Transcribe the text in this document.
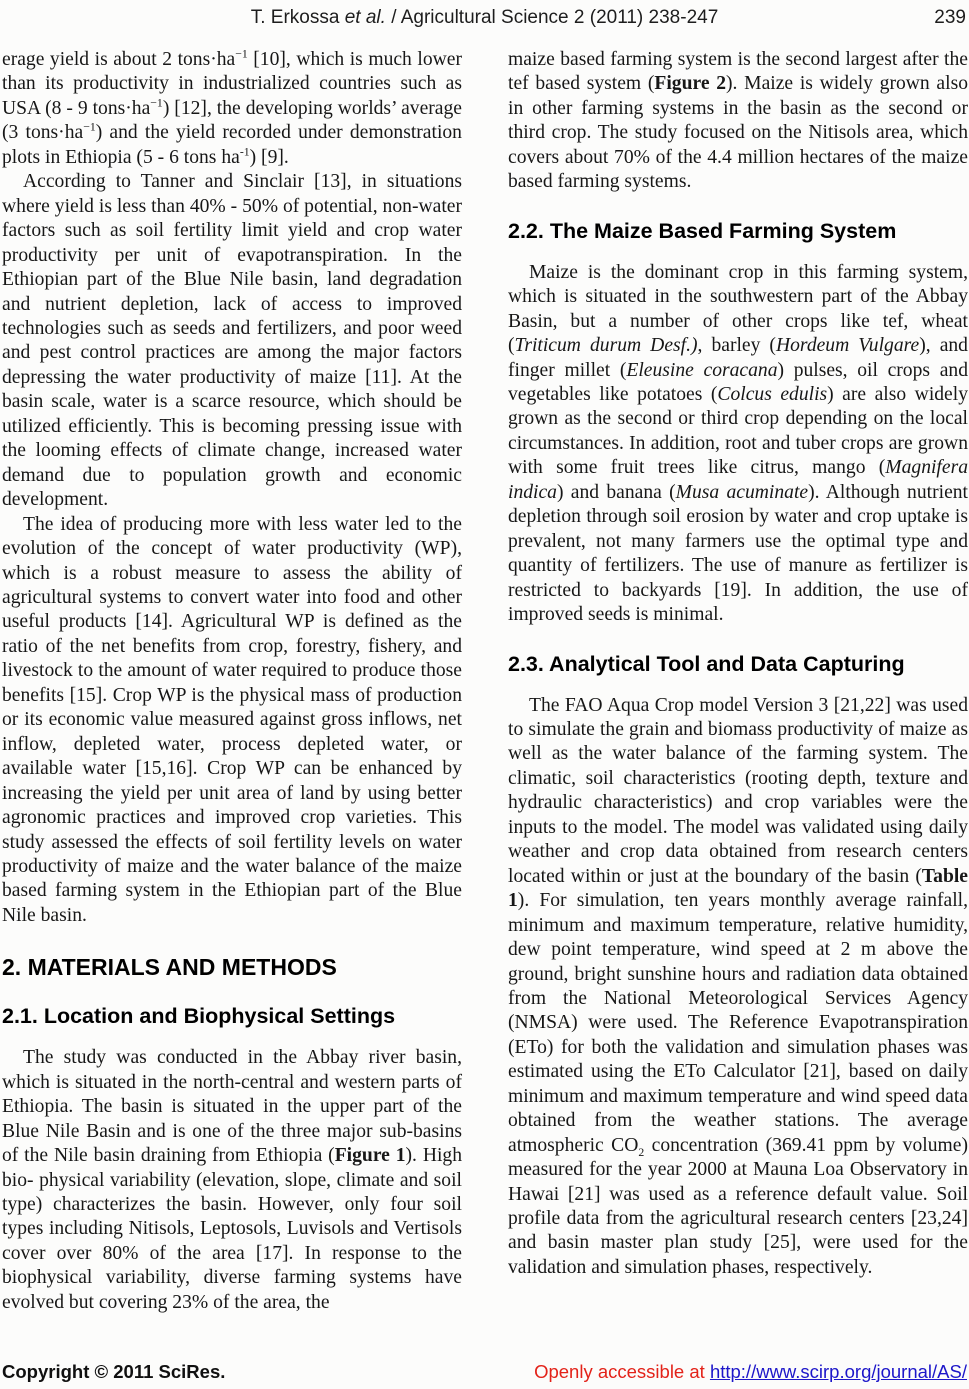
T. Erkossa et al. / Agricultural Science 2 (2011) 238-247	239

erage yield is about 2 $tons\cdot ha^{-1}$ [10], which is much lower than its productivity in industrialized countries such as USA (8 - 9 $tons\cdot ha^{-1}$) [12], the developing worlds’ average (3 $tons\cdot ha^{-1}$) and the yield recorded under demonstration plots in Ethiopia (5 - 6 tons $ha^{-1}$) [9].

According to Tanner and Sinclair [13], in situations where yield is less than 40% - 50% of potential, non-water factors such as soil fertility limit yield and crop water productivity per unit of evapotranspiration. In the Ethiopian part of the Blue Nile basin, land degradation and nutrient depletion, lack of access to improved technologies such as seeds and fertilizers, and poor weed and pest control practices are among the major factors depressing the water productivity of maize [11]. At the basin scale, water is a scarce resource, which should be utilized efficiently. This is becoming pressing issue with the looming effects of climate change, increased water demand due to population growth and economic development.

The idea of producing more with less water led to the evolution of the concept of water productivity (WP), which is a robust measure to assess the ability of agricultural systems to convert water into food and other useful products [14]. Agricultural WP is defined as the ratio of the net benefits from crop, forestry, fishery, and livestock to the amount of water required to produce those benefits [15]. Crop WP is the physical mass of production or its economic value measured against gross inflows, net inflow, depleted water, process depleted water, or available water [15,16]. Crop WP can be enhanced by increasing the yield per unit area of land by using better agronomic practices and improved crop varieties. This study assessed the effects of soil fertility levels on water productivity of maize and the water balance of the maize based farming system in the Ethiopian part of the Blue Nile basin.

2. MATERIALS AND METHODS
2.1. Location and Biophysical Settings

The study was conducted in the Abbay river basin, which is situated in the north-central and western parts of Ethiopia. The basin is situated in the upper part of the Blue Nile Basin and is one of the three major sub-basins of the Nile basin draining from Ethiopia (Figure 1). High bio- physical variability (elevation, slope, climate and soil type) characterizes the basin. However, only four soil types including Nitisols, Leptosols, Luvisols and Vertisols cover over 80% of the area [17]. In response to the biophysical variability, diverse farming systems have evolved but covering 23% of the area, the

maize based farming system is the second largest after the tef based system (Figure 2). Maize is widely grown also in other farming systems in the basin as the second or third crop. The study focused on the Nitisols area, which covers about 70% of the 4.4 million hectares of the maize based farming systems.

2.2. The Maize Based Farming System

Maize is the dominant crop in this farming system, which is situated in the southwestern part of the Abbay Basin, but a number of other crops like tef, wheat (Triticum durum Desf.), barley (Hordeum Vulgare), and finger millet (Eleusine coracana) pulses, oil crops and vegetables like potatoes (Colcus edulis) are also widely grown as the second or third crop depending on the local circumstances. In addition, root and tuber crops are grown with some fruit trees like citrus, mango (Magnifera indica) and banana (Musa acuminate). Although nutrient depletion through soil erosion by water and crop uptake is prevalent, not many farmers use the optimal type and quantity of fertilizers. The use of manure as fertilizer is restricted to backyards [19]. In addition, the use of improved seeds is minimal.

2.3. Analytical Tool and Data Capturing

The FAO Aqua Crop model Version 3 [21,22] was used to simulate the grain and biomass productivity of maize as well as the water balance of the farming system. The climatic, soil characteristics (rooting depth, texture and hydraulic characteristics) and crop variables were the inputs to the model. The model was validated using daily weather and crop data obtained from research centers located within or just at the boundary of the basin (Table 1). For simulation, ten years monthly average rainfall, minimum and maximum temperature, relative humidity, dew point temperature, wind speed at 2 m above the ground, bright sunshine hours and radiation data obtained from the National Meteorological Services Agency (NMSA) were used. The Reference Evapotranspiration (ETo) for both the validation and simulation phases was estimated using the ETo Calculator [21], based on daily minimum and maximum temperature and wind speed data obtained from the weather stations. The average atmospheric $CO_2$ concentration (369.41 ppm by volume) measured for the year 2000 at Mauna Loa Observatory in Hawai [21] was used as a reference default value. Soil profile data from the agricultural research centers [23,24] and basin master plan study [25], were used for the validation and simulation phases, respectively.

Copyright © 2011 SciRes.	Openly accessible at http://www.scirp.org/journal/AS/
